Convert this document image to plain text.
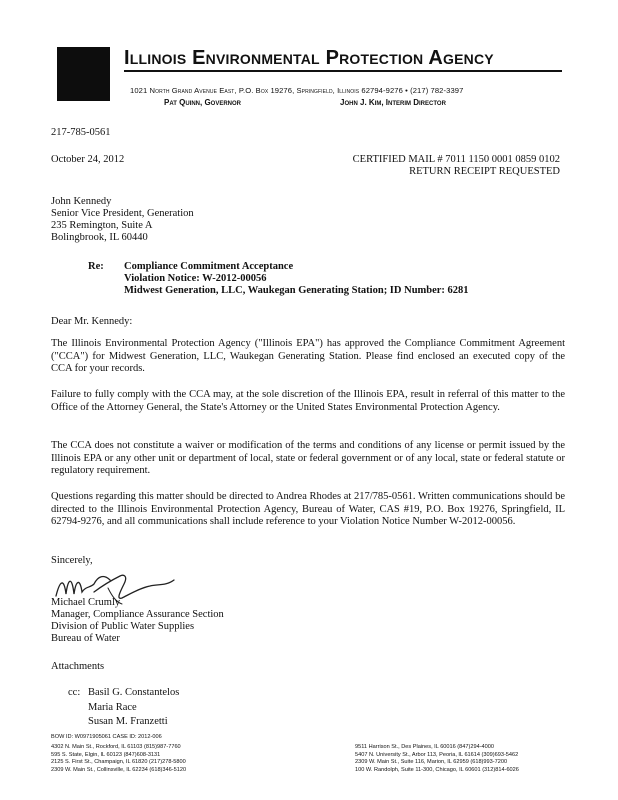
Illinois Environmental Protection Agency
1021 North Grand Avenue East, P.O. Box 19276, Springfield, Illinois 62794-9276 • (217) 782-3397
Pat Quinn, Governor	John J. Kim, Interim Director
217-785-0561
October 24, 2012	CERTIFIED MAIL # 7011 1150 0001 0859 0102
RETURN RECEIPT REQUESTED
John Kennedy
Senior Vice President, Generation
235 Remington, Suite A
Bolingbrook, IL 60440
Re: Compliance Commitment Acceptance
Violation Notice: W-2012-00056
Midwest Generation, LLC, Waukegan Generating Station; ID Number: 6281
Dear Mr. Kennedy:
The Illinois Environmental Protection Agency ("Illinois EPA") has approved the Compliance Commitment Agreement ("CCA") for Midwest Generation, LLC, Waukegan Generating Station. Please find enclosed an executed copy of the CCA for your records.
Failure to fully comply with the CCA may, at the sole discretion of the Illinois EPA, result in referral of this matter to the Office of the Attorney General, the State's Attorney or the United States Environmental Protection Agency.
The CCA does not constitute a waiver or modification of the terms and conditions of any license or permit issued by the Illinois EPA or any other unit or department of local, state or federal government or of any local, state or federal statute or regulatory requirement.
Questions regarding this matter should be directed to Andrea Rhodes at 217/785-0561. Written communications should be directed to the Illinois Environmental Protection Agency, Bureau of Water, CAS #19, P.O. Box 19276, Springfield, IL 62794-9276, and all communications shall include reference to your Violation Notice Number W-2012-00056.
Sincerely,
Michael Crumly
Manager, Compliance Assurance Section
Division of Public Water Supplies
Bureau of Water
Attachments
cc: Basil G. Constantelos
Maria Race
Susan M. Franzetti
BOW ID: W0971905061 CASE ID: 2012-006
4302 N. Main St., Rockford, IL 61103 (815)987-7760
595 S. State, Elgin, IL 60123 (847)608-3131
2125 S. First St., Champaign, IL 61820 (217)278-5800
2309 W. Main St., Collinsville, IL 62234 (618)346-5120
9511 Harrison St., Des Plaines, IL 60016 (847)294-4000
5407 N. University St., Arbor 113, Peoria, IL 61614 (309)693-5462
2309 W. Main St., Suite 116, Marion, IL 62959 (618)993-7200
100 W. Randolph, Suite 11-300, Chicago, IL 60601 (312)814-6026
